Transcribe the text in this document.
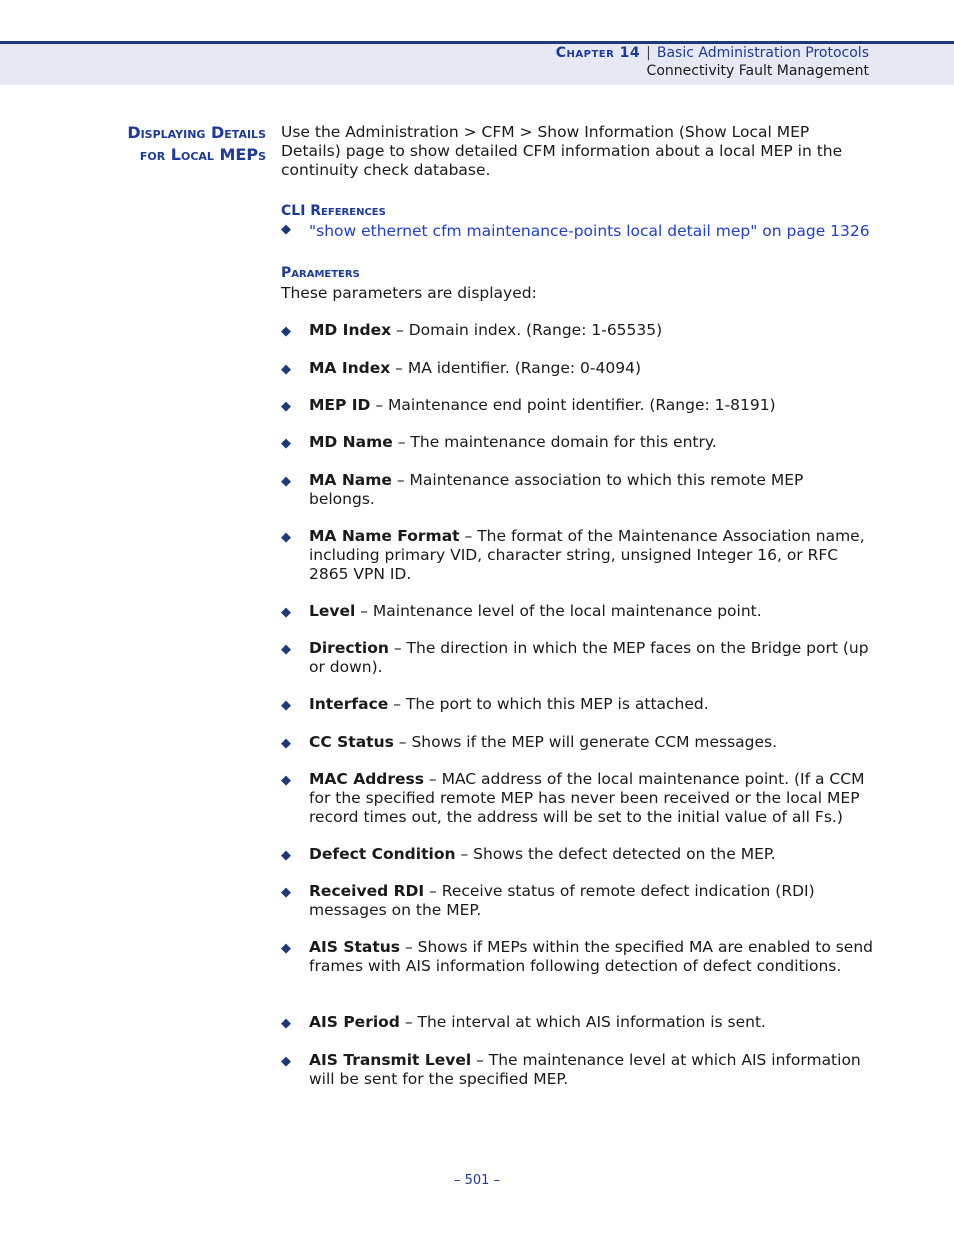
Chapter 14 | Basic Administration Protocols
Connectivity Fault Management
Displaying Details
for Local MEPs
Use the Administration > CFM > Show Information (Show Local MEP Details) page to show detailed CFM information about a local MEP in the continuity check database.
CLI References
◆ "show ethernet cfm maintenance-points local detail mep" on page 1326
Parameters
These parameters are displayed:
◆ MD Index – Domain index. (Range: 1-65535)
◆ MA Index – MA identifier. (Range: 0-4094)
◆ MEP ID – Maintenance end point identifier. (Range: 1-8191)
◆ MD Name – The maintenance domain for this entry.
◆ MA Name – Maintenance association to which this remote MEP belongs.
◆ MA Name Format – The format of the Maintenance Association name, including primary VID, character string, unsigned Integer 16, or RFC 2865 VPN ID.
◆ Level – Maintenance level of the local maintenance point.
◆ Direction – The direction in which the MEP faces on the Bridge port (up or down).
◆ Interface – The port to which this MEP is attached.
◆ CC Status – Shows if the MEP will generate CCM messages.
◆ MAC Address – MAC address of the local maintenance point. (If a CCM for the specified remote MEP has never been received or the local MEP record times out, the address will be set to the initial value of all Fs.)
◆ Defect Condition – Shows the defect detected on the MEP.
◆ Received RDI – Receive status of remote defect indication (RDI) messages on the MEP.
◆ AIS Status – Shows if MEPs within the specified MA are enabled to send frames with AIS information following detection of defect conditions.
◆ AIS Period – The interval at which AIS information is sent.
◆ AIS Transmit Level – The maintenance level at which AIS information will be sent for the specified MEP.
– 501 –
